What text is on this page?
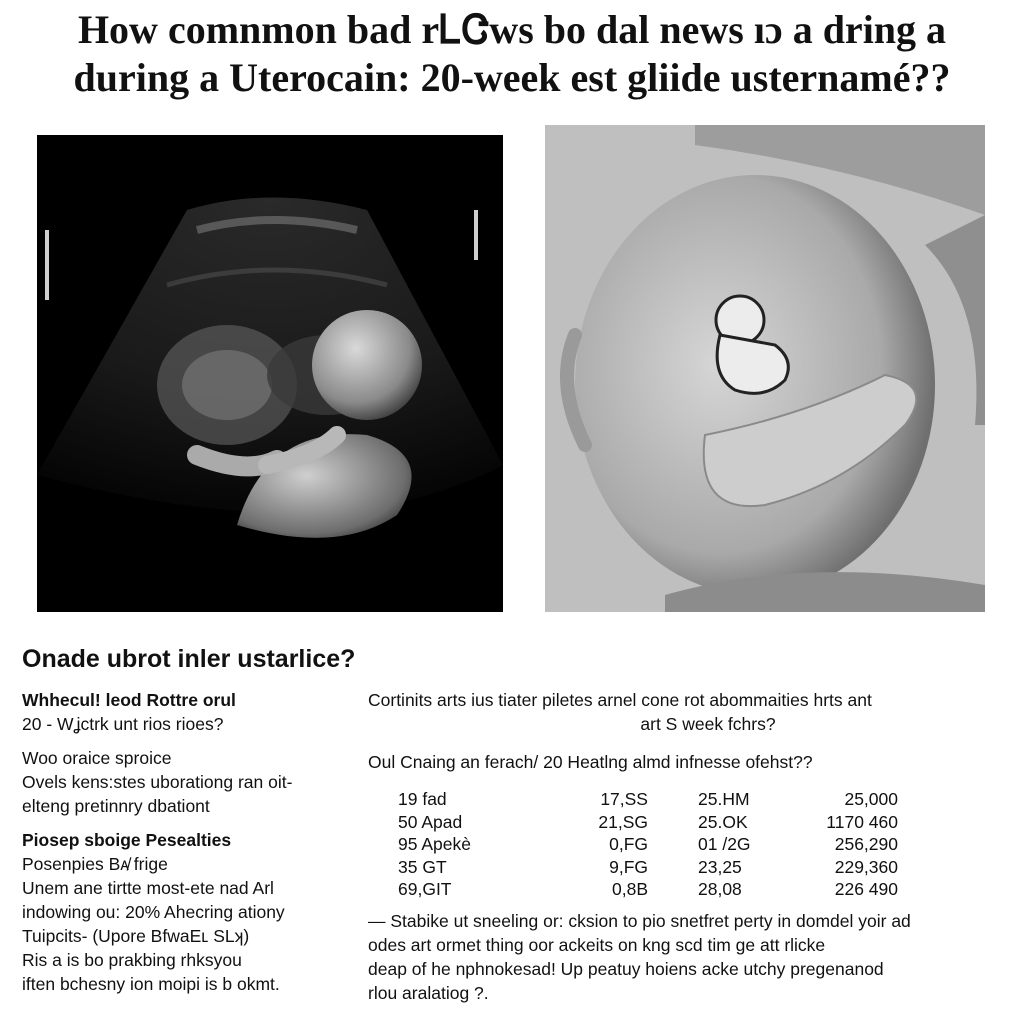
How comnmon bad rᏞᏣws bo dal news ıɔ a dring a
during a Uterocain: 20-week est gliide usternamé??
Onade ubrot inler ustarlice?

Whhecul! leod Rottre orul

20 - Wʝctrk unt rios rioes?

Woo oraice sproice

Ovels kens:stes uborationg ran oit-

elteng pretinnry dbationt

Piosep sboige Pesealties

Posenpies Bᴀ̸ frige

Unem ane tirtte most-ete nad Arl

indowing ou: 20% Ahecring ationy

Tuipcits- (Upore BfwaEʟ SLʞ)

Ris a is bo prakbing rhksyou

iften bchesny ion moipi is b okmt.

Cortinits arts ius tiater piletes arnel cone rot abommaities hrts ant

art S week fchrs?

Oul Cnaing an ferach/ 20 Heatlng almd infnesse ofehst??

19 fad	17,SS	25.HM	25,000
50 Apad	21,SG	25.OK	1170 460
95 Apekè	0,FG	01 /2G	256,290
35 GT	9,FG	23,25	229,360
69,GIT	0,8B	28,08	226 490

— Stabike ut sneeling or: cksion to pio snetfret perty in domdel yoir ad

odes art ormet thing oor ackeits on kng scd tim ge att rlicke

deap of he nphnokesad! Up peatuy hoiens acke utchy pregenanod

rlou aralatiog ?.
